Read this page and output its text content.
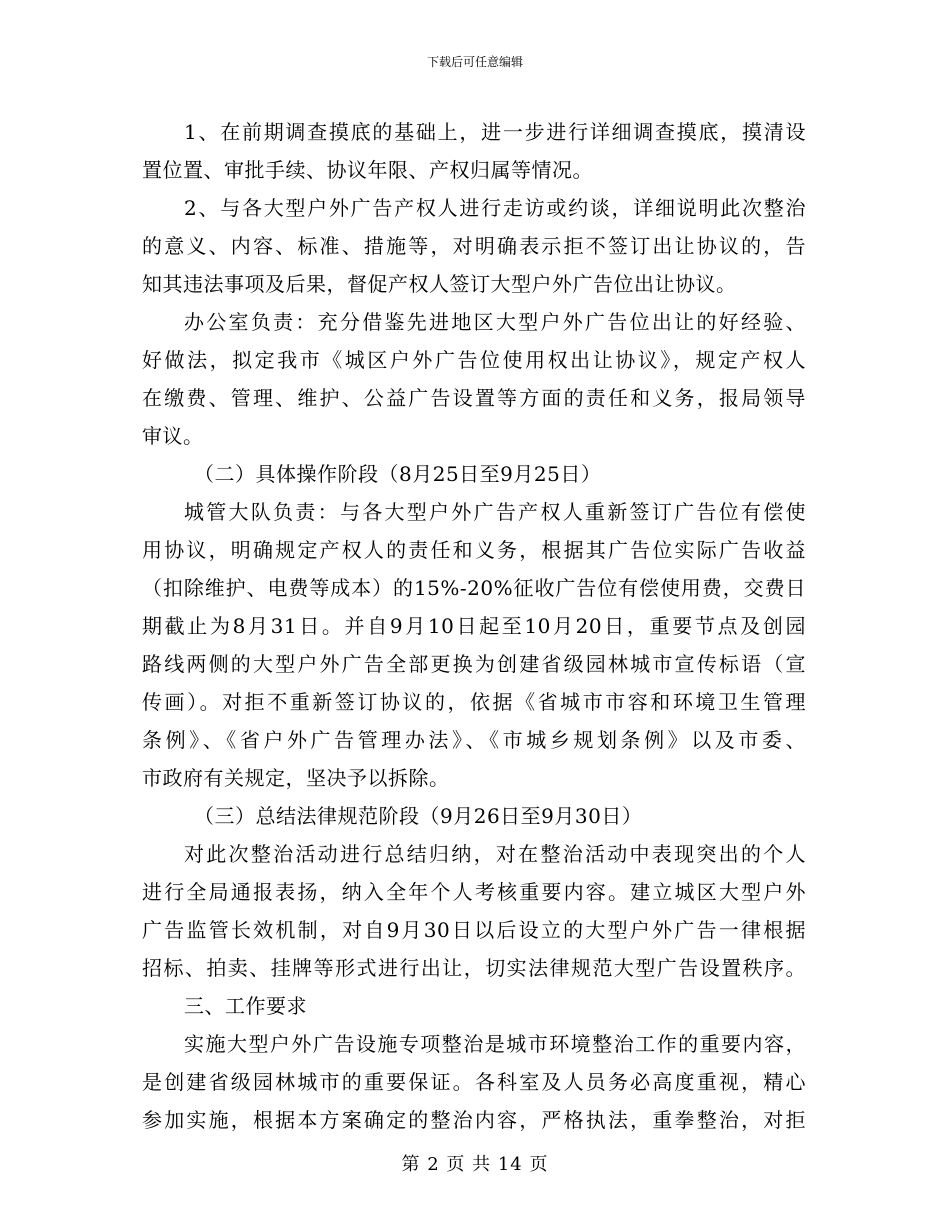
下载后可任意编辑
1、在前期调查摸底的基础上，进一步进行详细调查摸底，摸清设
置位置、审批手续、协议年限、产权归属等情况。
2、与各大型户外广告产权人进行走访或约谈，详细说明此次整治
的意义、内容、标准、措施等，对明确表示拒不签订出让协议的，告
知其违法事项及后果，督促产权人签订大型户外广告位出让协议。
办公室负责：充分借鉴先进地区大型户外广告位出让的好经验、
好做法，拟定我市《城区户外广告位使用权出让协议》，规定产权人
在缴费、管理、维护、公益广告设置等方面的责任和义务，报局领导
审议。
（二）具体操作阶段（8月25日至9月25日）
城管大队负责：与各大型户外广告产权人重新签订广告位有偿使
用协议，明确规定产权人的责任和义务，根据其广告位实际广告收益
（扣除维护、电费等成本）的15%-20%征收广告位有偿使用费，交费日
期截止为8月31日。并自9月10日起至10月20日，重要节点及创园
路线两侧的大型户外广告全部更换为创建省级园林城市宣传标语（宣
传画）。对拒不重新签订协议的，依据《省城市市容和环境卫生管理
条例》、《省户外广告管理办法》、《市城乡规划条例》以及市委、
市政府有关规定，坚决予以拆除。
（三）总结法律规范阶段（9月26日至9月30日）
对此次整治活动进行总结归纳，对在整治活动中表现突出的个人
进行全局通报表扬，纳入全年个人考核重要内容。建立城区大型户外
广告监管长效机制，对自9月30日以后设立的大型户外广告一律根据
招标、拍卖、挂牌等形式进行出让，切实法律规范大型广告设置秩序。
三、工作要求
实施大型户外广告设施专项整治是城市环境整治工作的重要内容，
是创建省级园林城市的重要保证。各科室及人员务必高度重视，精心
参加实施，根据本方案确定的整治内容，严格执法，重拳整治，对拒
第 2 页 共 14 页
